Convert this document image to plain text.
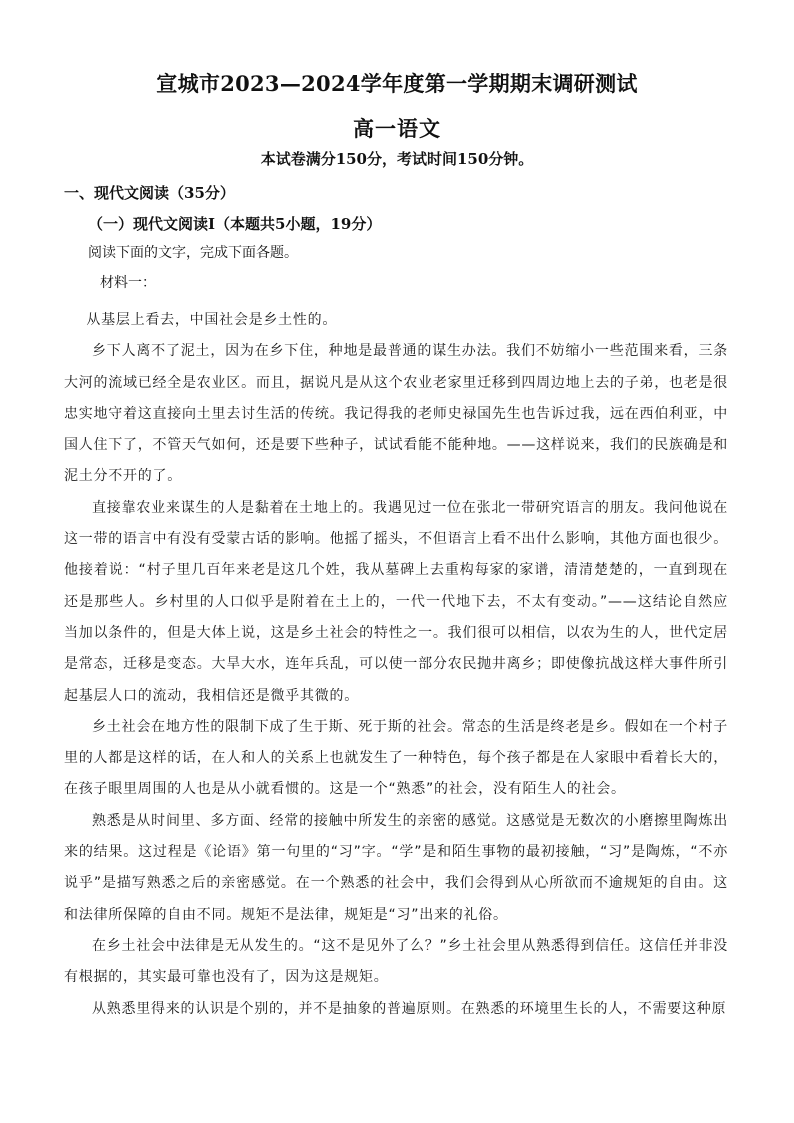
宣城市2023—2024学年度第一学期期末调研测试
高一语文
本试卷满分150分，考试时间150分钟。
一、现代文阅读（35分）
（一）现代文阅读Ⅰ（本题共5小题，19分）
阅读下面的文字，完成下面各题。
材料一：

从基层上看去，中国社会是乡土性的。

乡下人离不了泥土，因为在乡下住，种地是最普通的谋生办法。我们不妨缩小一些范围来看，三条大河的流域已经全是农业区。而且，据说凡是从这个农业老家里迁移到四周边地上去的子弟，也老是很忠实地守着这直接向土里去讨生活的传统。我记得我的老师史禄国先生也告诉过我，远在西伯利亚，中国人住下了，不管天气如何，还是要下些种子，试试看能不能种地。——这样说来，我们的民族确是和泥土分不开的了。

直接靠农业来谋生的人是黏着在土地上的。我遇见过一位在张北一带研究语言的朋友。我问他说在这一带的语言中有没有受蒙古话的影响。他摇了摇头，不但语言上看不出什么影响，其他方面也很少。他接着说：“村子里几百年来老是这几个姓，我从墓碑上去重构每家的家谱，清清楚楚的，一直到现在还是那些人。乡村里的人口似乎是附着在土上的，一代一代地下去，不太有变动。”——这结论自然应当加以条件的，但是大体上说，这是乡土社会的特性之一。我们很可以相信，以农为生的人，世代定居是常态，迁移是变态。大旱大水，连年兵乱，可以使一部分农民抛井离乡；即使像抗战这样大事件所引起基层人口的流动，我相信还是微乎其微的。

乡土社会在地方性的限制下成了生于斯、死于斯的社会。常态的生活是终老是乡。假如在一个村子里的人都是这样的话，在人和人的关系上也就发生了一种特色，每个孩子都是在人家眼中看着长大的，在孩子眼里周围的人也是从小就看惯的。这是一个“熟悉”的社会，没有陌生人的社会。

熟悉是从时间里、多方面、经常的接触中所发生的亲密的感觉。这感觉是无数次的小磨擦里陶炼出来的结果。这过程是《论语》第一句里的“习”字。“学”是和陌生事物的最初接触，“习”是陶炼，“不亦说乎”是描写熟悉之后的亲密感觉。在一个熟悉的社会中，我们会得到从心所欲而不逾规矩的自由。这和法律所保障的自由不同。规矩不是法律，规矩是“习”出来的礼俗。

在乡土社会中法律是无从发生的。“这不是见外了么？”乡土社会里从熟悉得到信任。这信任并非没有根据的，其实最可靠也没有了，因为这是规矩。

从熟悉里得来的认识是个别的，并不是抽象的普遍原则。在熟悉的环境里生长的人，不需要这种原
